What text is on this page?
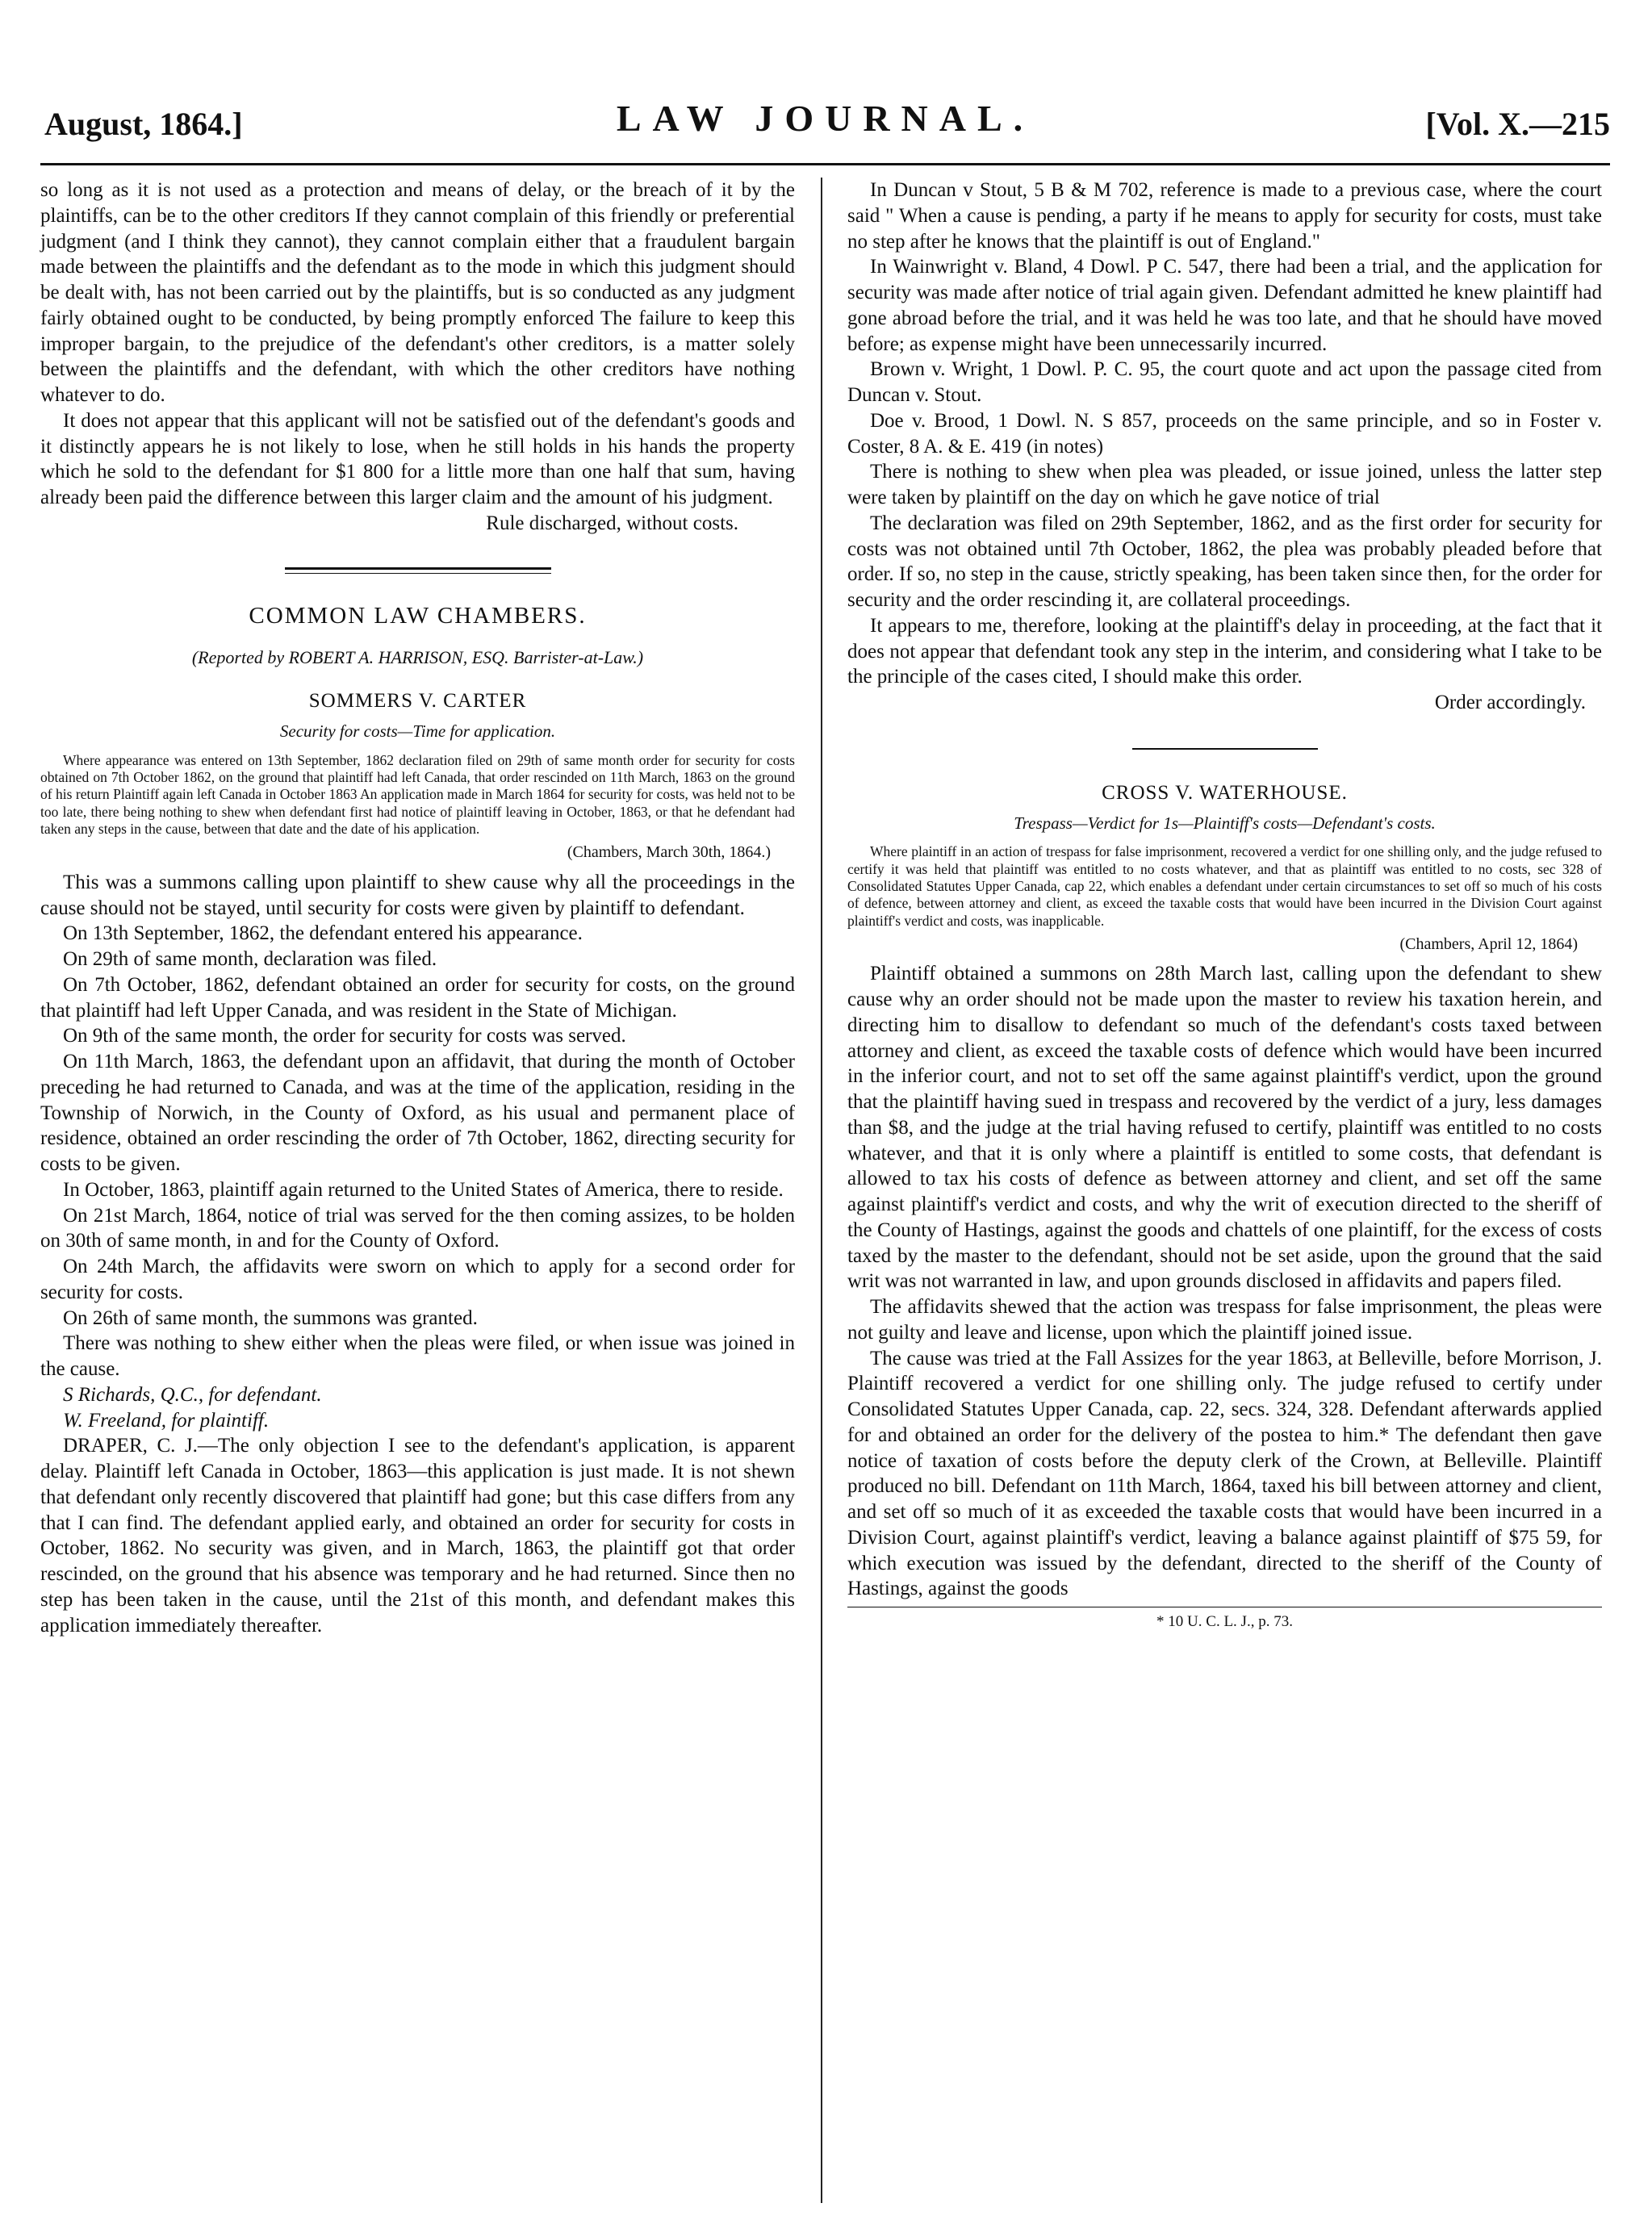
August, 1864.]	LAW JOURNAL.	[Vol. X.—215

so long as it is not used as a protection and means of delay, or the breach of it by the plaintiffs, can be to the other creditors If they cannot complain of this friendly or preferential judgment (and I think they cannot), they cannot complain either that a fraudulent bargain made between the plaintiffs and the defendant as to the mode in which this judgment should be dealt with, has not been carried out by the plaintiffs, but is so conducted as any judgment fairly obtained ought to be conducted, by being promptly enforced The failure to keep this improper bargain, to the prejudice of the defendant's other creditors, is a matter solely between the plaintiffs and the defendant, with which the other creditors have nothing whatever to do.

It does not appear that this applicant will not be satisfied out of the defendant's goods and it distinctly appears he is not likely to lose, when he still holds in his hands the property which he sold to the defendant for $1 800 for a little more than one half that sum, having already been paid the difference between this larger claim and the amount of his judgment.

Rule discharged, without costs.

COMMON LAW CHAMBERS.

(Reported by ROBERT A. HARRISON, ESQ. Barrister-at-Law.)

SOMMERS V. CARTER

Security for costs—Time for application.

Where appearance was entered on 13th September, 1862 declaration filed on 29th of same month order for security for costs obtained on 7th October 1862, on the ground that plaintiff had left Canada, that order rescinded on 11th March, 1863 on the ground of his return Plaintiff again left Canada in October 1863 An application made in March 1864 for security for costs, was held not to be too late, there being nothing to shew when defendant first had notice of plaintiff leaving in October, 1863, or that he defendant had taken any steps in the cause, between that date and the date of his application.

(Chambers, March 30th, 1864.)

This was a summons calling upon plaintiff to shew cause why all the proceedings in the cause should not be stayed, until security for costs were given by plaintiff to defendant.

On 13th September, 1862, the defendant entered his appearance.

On 29th of same month, declaration was filed.

On 7th October, 1862, defendant obtained an order for security for costs, on the ground that plaintiff had left Upper Canada, and was resident in the State of Michigan.

On 9th of the same month, the order for security for costs was served.

On 11th March, 1863, the defendant upon an affidavit, that during the month of October preceding he had returned to Canada, and was at the time of the application, residing in the Township of Norwich, in the County of Oxford, as his usual and permanent place of residence, obtained an order rescinding the order of 7th October, 1862, directing security for costs to be given.

In October, 1863, plaintiff again returned to the United States of America, there to reside.

On 21st March, 1864, notice of trial was served for the then coming assizes, to be holden on 30th of same month, in and for the County of Oxford.

On 24th March, the affidavits were sworn on which to apply for a second order for security for costs.

On 26th of same month, the summons was granted.

There was nothing to shew either when the pleas were filed, or when issue was joined in the cause.

S Richards, Q.C., for defendant.

W. Freeland, for plaintiff.

DRAPER, C. J.—The only objection I see to the defendant's application, is apparent delay. Plaintiff left Canada in October, 1863—this application is just made. It is not shewn that defendant only recently discovered that plaintiff had gone; but this case differs from any that I can find. The defendant applied early, and obtained an order for security for costs in October, 1862. No security was given, and in March, 1863, the plaintiff got that order rescinded, on the ground that his absence was temporary and he had returned. Since then no step has been taken in the cause, until the 21st of this month, and defendant makes this application immediately thereafter.

In Duncan v Stout, 5 B & M 702, reference is made to a previous case, where the court said " When a cause is pending, a party if he means to apply for security for costs, must take no step after he knows that the plaintiff is out of England."

In Wainwright v. Bland, 4 Dowl. P C. 547, there had been a trial, and the application for security was made after notice of trial again given. Defendant admitted he knew plaintiff had gone abroad before the trial, and it was held he was too late, and that he should have moved before; as expense might have been unnecessarily incurred.

Brown v. Wright, 1 Dowl. P. C. 95, the court quote and act upon the passage cited from Duncan v. Stout.

Doe v. Brood, 1 Dowl. N. S 857, proceeds on the same principle, and so in Foster v. Coster, 8 A. & E. 419 (in notes)

There is nothing to shew when plea was pleaded, or issue joined, unless the latter step were taken by plaintiff on the day on which he gave notice of trial

The declaration was filed on 29th September, 1862, and as the first order for security for costs was not obtained until 7th October, 1862, the plea was probably pleaded before that order. If so, no step in the cause, strictly speaking, has been taken since then, for the order for security and the order rescinding it, are collateral proceedings.

It appears to me, therefore, looking at the plaintiff's delay in proceeding, at the fact that it does not appear that defendant took any step in the interim, and considering what I take to be the principle of the cases cited, I should make this order.

Order accordingly.

CROSS V. WATERHOUSE.

Trespass—Verdict for 1s—Plaintiff's costs—Defendant's costs.

Where plaintiff in an action of trespass for false imprisonment, recovered a verdict for one shilling only, and the judge refused to certify it was held that plaintiff was entitled to no costs whatever, and that as plaintiff was entitled to no costs, sec 328 of Consolidated Statutes Upper Canada, cap 22, which enables a defendant under certain circumstances to set off so much of his costs of defence, between attorney and client, as exceed the taxable costs that would have been incurred in the Division Court against plaintiff's verdict and costs, was inapplicable.

(Chambers, April 12, 1864)

Plaintiff obtained a summons on 28th March last, calling upon the defendant to shew cause why an order should not be made upon the master to review his taxation herein, and directing him to disallow to defendant so much of the defendant's costs taxed between attorney and client, as exceed the taxable costs of defence which would have been incurred in the inferior court, and not to set off the same against plaintiff's verdict, upon the ground that the plaintiff having sued in trespass and recovered by the verdict of a jury, less damages than $8, and the judge at the trial having refused to certify, plaintiff was entitled to no costs whatever, and that it is only where a plaintiff is entitled to some costs, that defendant is allowed to tax his costs of defence as between attorney and client, and set off the same against plaintiff's verdict and costs, and why the writ of execution directed to the sheriff of the County of Hastings, against the goods and chattels of one plaintiff, for the excess of costs taxed by the master to the defendant, should not be set aside, upon the ground that the said writ was not warranted in law, and upon grounds disclosed in affidavits and papers filed.

The affidavits shewed that the action was trespass for false imprisonment, the pleas were not guilty and leave and license, upon which the plaintiff joined issue.

The cause was tried at the Fall Assizes for the year 1863, at Belleville, before Morrison, J. Plaintiff recovered a verdict for one shilling only. The judge refused to certify under Consolidated Statutes Upper Canada, cap. 22, secs. 324, 328. Defendant afterwards applied for and obtained an order for the delivery of the postea to him.* The defendant then gave notice of taxation of costs before the deputy clerk of the Crown, at Belleville. Plaintiff produced no bill. Defendant on 11th March, 1864, taxed his bill between attorney and client, and set off so much of it as exceeded the taxable costs that would have been incurred in a Division Court, against plaintiff's verdict, leaving a balance against plaintiff of $75 59, for which execution was issued by the defendant, directed to the sheriff of the County of Hastings, against the goods

* 10 U. C. L. J., p. 73.
